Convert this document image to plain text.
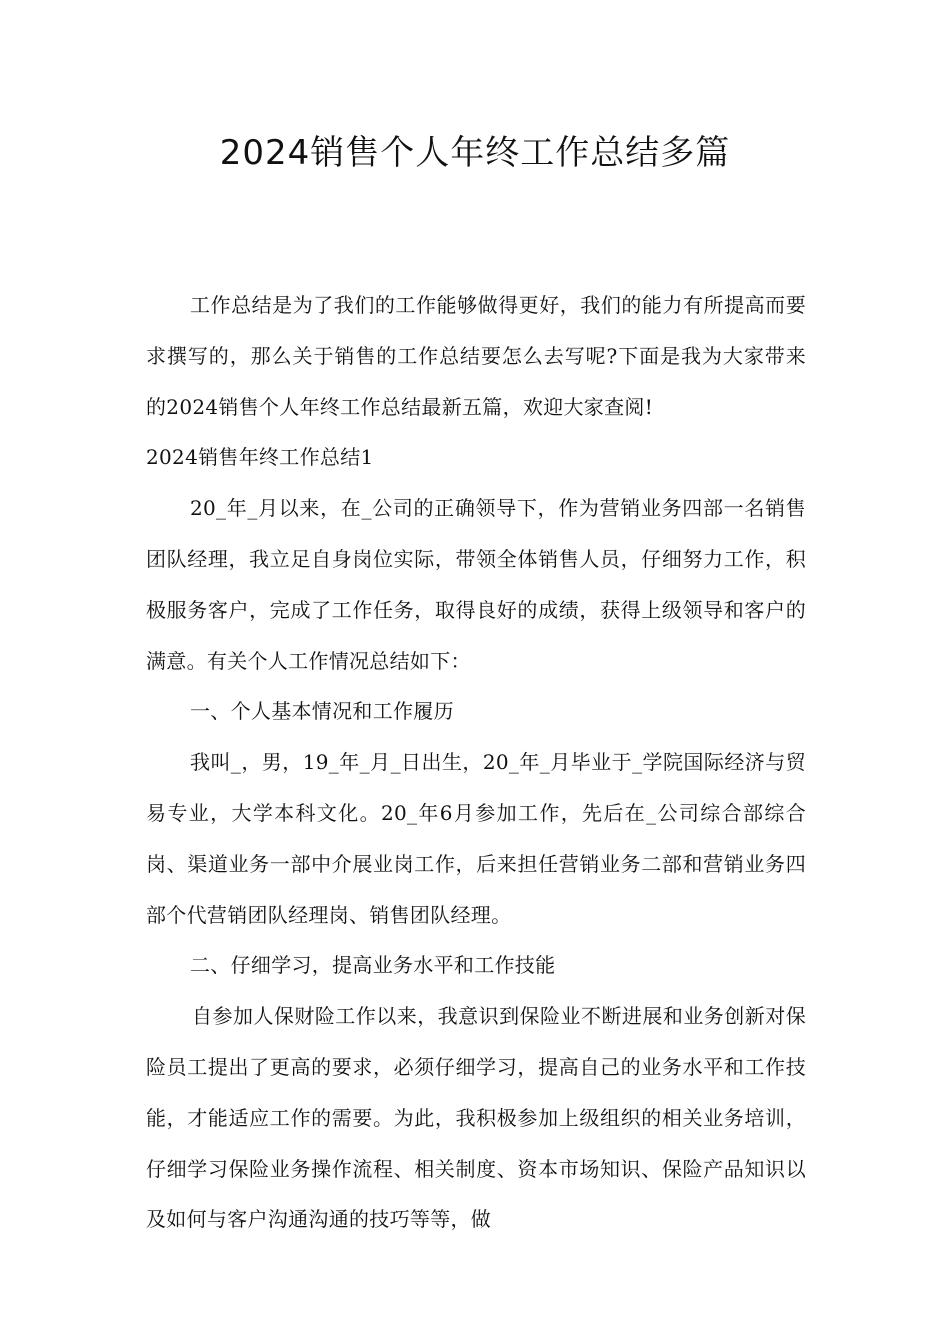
2024销售个人年终工作总结多篇

工作总结是为了我们的工作能够做得更好，我们的能力有所提高而要求撰写的，那么关于销售的工作总结要怎么去写呢?下面是我为大家带来的2024销售个人年终工作总结最新五篇，欢迎大家查阅!

2024销售年终工作总结1

20_年_月以来，在_公司的正确领导下，作为营销业务四部一名销售团队经理，我立足自身岗位实际，带领全体销售人员，仔细努力工作，积极服务客户，完成了工作任务，取得良好的成绩，获得上级领导和客户的满意。有关个人工作情况总结如下：

一、个人基本情况和工作履历

我叫_，男，19_年_月_日出生，20_年_月毕业于_学院国际经济与贸易专业，大学本科文化。20_年6月参加工作，先后在_公司综合部综合岗、渠道业务一部中介展业岗工作，后来担任营销业务二部和营销业务四部个代营销团队经理岗、销售团队经理。

二、仔细学习，提高业务水平和工作技能

自参加人保财险工作以来，我意识到保险业不断进展和业务创新对保险员工提出了更高的要求，必须仔细学习，提高自己的业务水平和工作技能，才能适应工作的需要。为此，我积极参加上级组织的相关业务培训，仔细学习保险业务操作流程、相关制度、资本市场知识、保险产品知识以及如何与客户沟通沟通的技巧等等，做
